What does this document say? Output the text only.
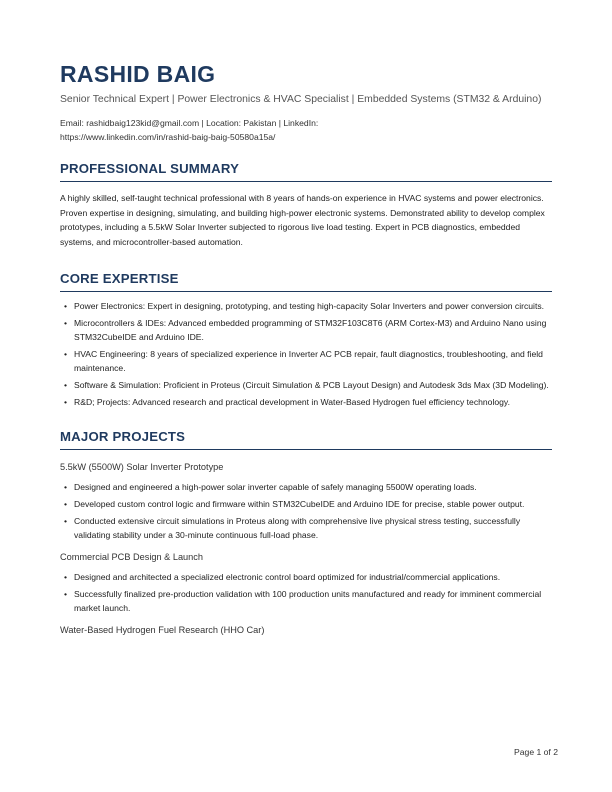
RASHID BAIG
Senior Technical Expert | Power Electronics & HVAC Specialist | Embedded Systems (STM32 & Arduino)
Email: rashidbaig123kid@gmail.com | Location: Pakistan | LinkedIn:
https://www.linkedin.com/in/rashid-baig-baig-50580a15a/
PROFESSIONAL SUMMARY
A highly skilled, self-taught technical professional with 8 years of hands-on experience in HVAC systems and power electronics. Proven expertise in designing, simulating, and building high-power electronic systems. Demonstrated ability to develop complex prototypes, including a 5.5kW Solar Inverter subjected to rigorous live load testing. Expert in PCB diagnostics, embedded systems, and microcontroller-based automation.
CORE EXPERTISE
• Power Electronics: Expert in designing, prototyping, and testing high-capacity Solar Inverters and power conversion circuits.
• Microcontrollers & IDEs: Advanced embedded programming of STM32F103C8T6 (ARM Cortex-M3) and Arduino Nano using STM32CubeIDE and Arduino IDE.
• HVAC Engineering: 8 years of specialized experience in Inverter AC PCB repair, fault diagnostics, troubleshooting, and field maintenance.
• Software & Simulation: Proficient in Proteus (Circuit Simulation & PCB Layout Design) and Autodesk 3ds Max (3D Modeling).
• R&D; Projects: Advanced research and practical development in Water-Based Hydrogen fuel efficiency technology.
MAJOR PROJECTS
5.5kW (5500W) Solar Inverter Prototype
• Designed and engineered a high-power solar inverter capable of safely managing 5500W operating loads.
• Developed custom control logic and firmware within STM32CubeIDE and Arduino IDE for precise, stable power output.
• Conducted extensive circuit simulations in Proteus along with comprehensive live physical stress testing, successfully validating stability under a 30-minute continuous full-load phase.
Commercial PCB Design & Launch
• Designed and architected a specialized electronic control board optimized for industrial/commercial applications.
• Successfully finalized pre-production validation with 100 production units manufactured and ready for imminent commercial market launch.
Water-Based Hydrogen Fuel Research (HHO Car)
Page 1 of 2
